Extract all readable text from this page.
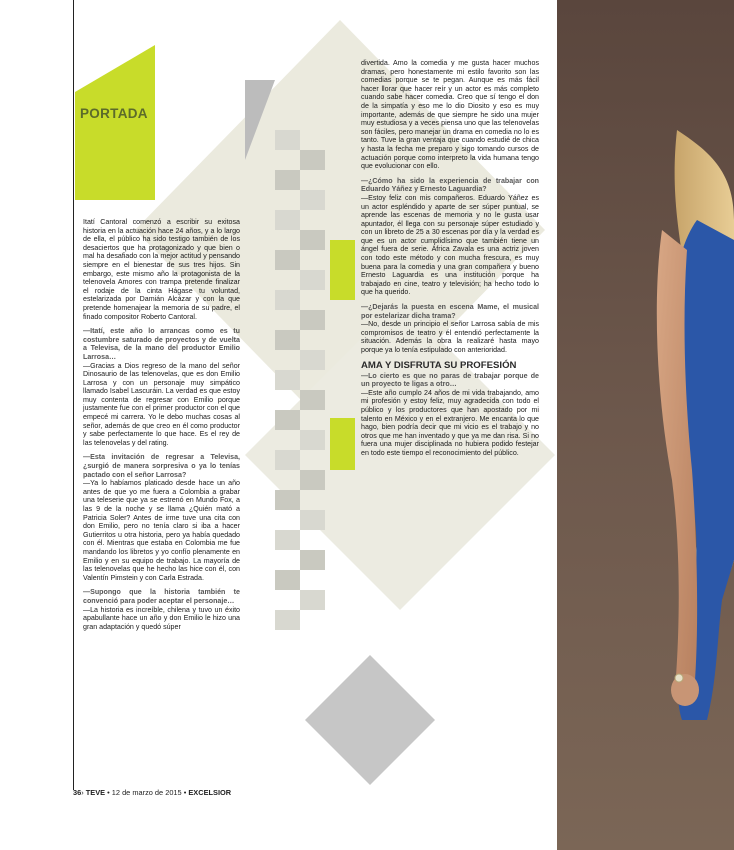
PORTADA

Itatí Cantoral comenzó a escribir su exitosa historia en la actuación hace 24 años, y a lo largo de ella, el público ha sido testigo también de los desaciertos que ha protagonizado y que bien o mal ha desafiado con la mejor actitud y pensando siempre en el bienestar de sus tres hijos. Sin embargo, este mismo año la protagonista de la telenovela Amores con trampa pretende finalizar el rodaje de la cinta Hágase tu voluntad, estelarizada por Damián Alcázar y con la que pretende homenajear la memoria de su padre, el finado compositor Roberto Cantoral.

—Itatí, este año lo arrancas como es tu costumbre saturado de proyectos y de vuelta a Televisa, de la mano del productor Emilio Larrosa…

—Gracias a Dios regreso de la mano del señor Dinosaurio de las telenovelas, que es don Emilio Larrosa y con un personaje muy simpático llamado Isabel Lascuráin. La verdad es que estoy muy contenta de regresar con Emilio porque justamente fue con el primer productor con el que empecé mi carrera. Yo le debo muchas cosas al señor, además de que creo en él como productor y sabe perfectamente lo que hace. Es el rey de las telenovelas y del rating.

—Esta invitación de regresar a Televisa, ¿surgió de manera sorpresiva o ya lo tenías pactado con el señor Larrosa?

—Ya lo habíamos platicado desde hace un año antes de que yo me fuera a Colombia a grabar una teleserie que ya se estrenó en Mundo Fox, a las 9 de la noche y se llama ¿Quién mató a Patricia Soler? Antes de irme tuve una cita con don Emilio, pero no tenía claro si iba a hacer Gutierritos u otra historia, pero ya había quedado con él. Mientras que estaba en Colombia me fue mandando los libretos y yo confío plenamente en Emilio y en su equipo de trabajo. La mayoría de las telenovelas que he hecho las hice con él, con Valentín Pimstein y con Carla Estrada.

—Supongo que la historia también te convenció para poder aceptar el personaje…

—La historia es increíble, chilena y tuvo un éxito apabullante hace un año y don Emilio le hizo una gran adaptación y quedó súper

divertida. Amo la comedia y me gusta hacer muchos dramas, pero honestamente mi estilo favorito son las comedias porque se te pegan. Aunque es más fácil hacer llorar que hacer reír y un actor es más completo cuando sabe hacer comedia. Creo que sí tengo el don de la simpatía y eso me lo dio Diosito y eso es muy importante, además de que siempre he sido una mujer muy estudiosa y a veces piensa uno que las telenovelas son fáciles, pero manejar un drama en comedia no lo es tanto. Tuve la gran ventaja que cuando estudié de chica y hasta la fecha me preparo y sigo tomando cursos de actuación porque como interpreto la vida humana tengo que evolucionar con ello.

—¿Cómo ha sido la experiencia de trabajar con Eduardo Yáñez y Ernesto Laguardia?

—Estoy feliz con mis compañeros. Eduardo Yáñez es un actor espléndido y aparte de ser súper puntual, se aprende las escenas de memoria y no le gusta usar apuntador, él llega con su personaje súper estudiado y con un libreto de 25 a 30 escenas por día y la verdad es que es un actor cumplidísimo que también tiene un ángel fuera de serie. África Zavala es una actriz joven con todo este método y con mucha frescura, es muy buena para la comedia y una gran compañera y bueno Ernesto Laguardia es una institución porque ha trabajado en cine, teatro y televisión; ha hecho todo lo que ha querido.

—¿Dejarás la puesta en escena Mame, el musical por estelarizar dicha trama?

—No, desde un principio el señor Larrosa sabía de mis compromisos de teatro y él entendió perfectamente la situación. Además la obra la realizaré hasta mayo porque ya lo tenía estipulado con anterioridad.

AMA Y DISFRUTA SU PROFESIÓN

—Lo cierto es que no paras de trabajar porque de un proyecto te ligas a otro…

—Este año cumplo 24 años de mi vida trabajando, amo mi profesión y estoy feliz, muy agradecida con todo el público y los productores que han apostado por mi talento en México y en el extranjero. Me encanta lo que hago, bien podría decir que mi vicio es el trabajo y no otros que me han inventado y que ya me dan risa. Si no fuera una mujer disciplinada no hubiera podido festejar en todo este tiempo el reconocimiento del público.

36› TEVE • 12 de marzo de 2015 • EXCELSIOR
